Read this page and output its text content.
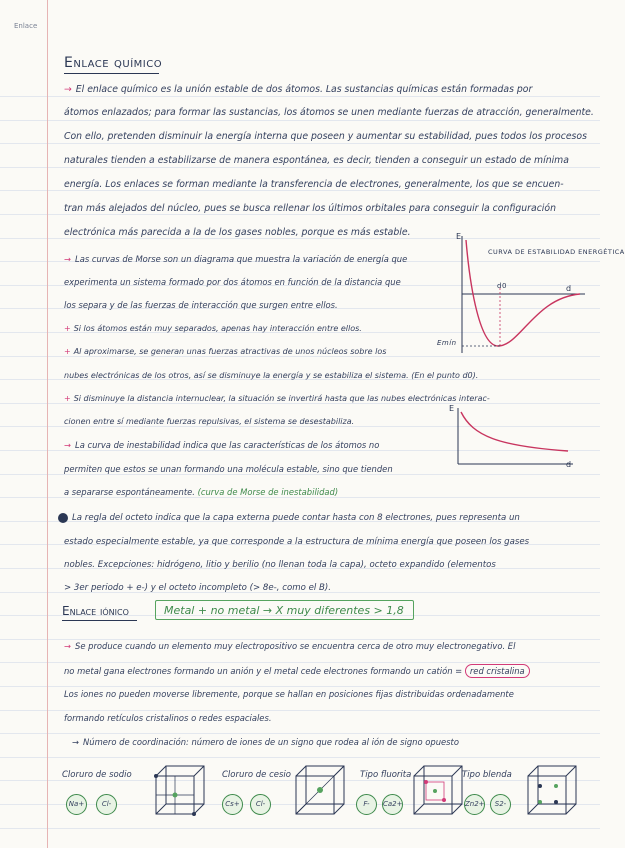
Enlace
Enlace químico
→ El enlace químico es la unión estable de dos átomos. Las sustancias químicas están formadas por
átomos enlazados; para formar las sustancias, los átomos se unen mediante fuerzas de atracción, generalmente.
Con ello, pretenden disminuir la energía interna que poseen y aumentar su estabilidad, pues todos los procesos
naturales tienden a estabilizarse de manera espontánea, es decir, tienden a conseguir un estado de mínima
energía. Los enlaces se forman mediante la transferencia de electrones, generalmente, los que se encuen-
tran más alejados del núcleo, pues se busca rellenar los últimos orbitales para conseguir la configuración
electrónica más parecida a la de los gases nobles, porque es más estable.
→ Las curvas de Morse son un diagrama que muestra la variación de energía que
experimenta un sistema formado por dos átomos en función de la distancia que
los separa y de las fuerzas de interacción que surgen entre ellos.
+ Si los átomos están muy separados, apenas hay interacción entre ellos.
+ Al aproximarse, se generan unas fuerzas atractivas de unos núcleos sobre los
nubes electrónicas de los otros, así se disminuye la energía y se estabiliza el sistema. (En el punto d0).
+ Si disminuye la distancia internuclear, la situación se invertirá hasta que las nubes electrónicas interac-
cionen entre sí mediante fuerzas repulsivas, el sistema se desestabiliza.
→ La curva de inestabilidad indica que las características de los átomos no
permiten que estos se unan formando una molécula estable, sino que tienden
a separarse espontáneamente. (curva de Morse de inestabilidad)
La regla del octeto indica que la capa externa puede contar hasta con 8 electrones, pues representa un
estado especialmente estable, ya que corresponde a la estructura de mínima energía que poseen los gases
nobles. Excepciones: hidrógeno, litio y berilio (no llenan toda la capa), octeto expandido (elementos
> 3er periodo + e-) y el octeto incompleto (> 8e-, como el B).
CURVA DE ESTABILIDAD ENERGÉTICA
E
d
d0
Emín
E
d
Enlace iónico	Metal + no metal → X muy diferentes > 1,8
→ Se produce cuando un elemento muy electropositivo se encuentra cerca de otro muy electronegativo. El
no metal gana electrones formando un anión y el metal cede electrones formando un catión = red cristalina
Los iones no pueden moverse libremente, porque se hallan en posiciones fijas distribuidas ordenadamente
formando retículos cristalinos o redes espaciales.
→ Número de coordinación: número de iones de un signo que rodea al ión de signo opuesto
Cloruro de sodio
Na+	Cl-
Cloruro de cesio
Cs+	Cl-
Tipo fluorita
F-	Ca2+
Tipo blenda
Zn2+	S2-
